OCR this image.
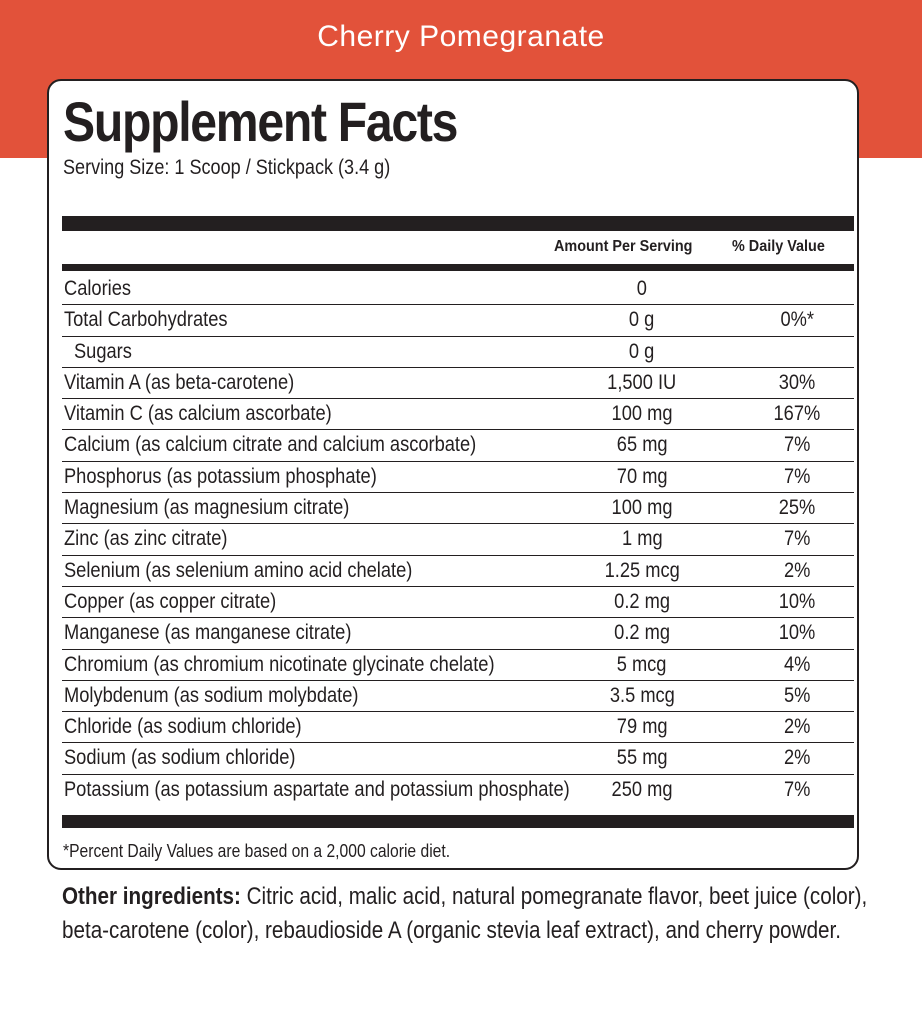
Cherry Pomegranate
Supplement Facts
Serving Size: 1 Scoop / Stickpack (3.4 g)
Amount Per Serving % Daily Value
Calories	0
Total Carbohydrates	0 g	0%*
Sugars	0 g
Vitamin A (as beta-carotene)	1,500 IU	30%
Vitamin C (as calcium ascorbate)	100 mg	167%
Calcium (as calcium citrate and calcium ascorbate)	65 mg	7%
Phosphorus (as potassium phosphate)	70 mg	7%
Magnesium (as magnesium citrate)	100 mg	25%
Zinc (as zinc citrate)	1 mg	7%
Selenium (as selenium amino acid chelate)	1.25 mcg	2%
Copper (as copper citrate)	0.2 mg	10%
Manganese (as manganese citrate)	0.2 mg	10%
Chromium (as chromium nicotinate glycinate chelate)	5 mcg	4%
Molybdenum (as sodium molybdate)	3.5 mcg	5%
Chloride (as sodium chloride)	79 mg	2%
Sodium (as sodium chloride)	55 mg	2%
Potassium (as potassium aspartate and potassium phosphate)	250 mg	7%
*Percent Daily Values are based on a 2,000 calorie diet.
Other ingredients: Citric acid, malic acid, natural pomegranate flavor, beet juice (color), beta-carotene (color), rebaudioside A (organic stevia leaf extract), and cherry powder.
